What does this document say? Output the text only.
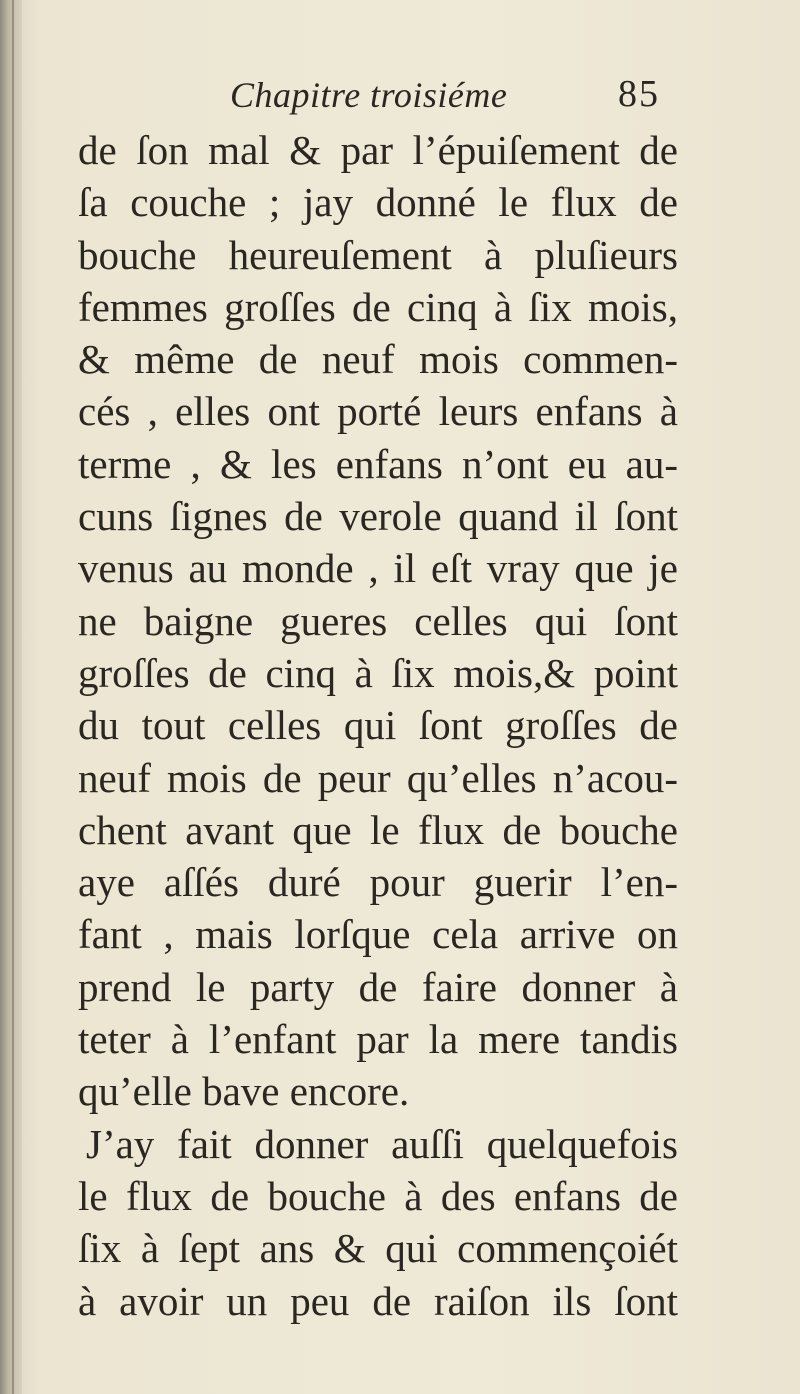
Chapitre troisiéme	85
de ſon mal & par l’épuiſement de
ſa couche ; jay donné le flux de
bouche heureuſement à pluſieurs
femmes groſſes de cinq à ſix mois,
& même de neuf mois commen-
cés , elles ont porté leurs enfans à
terme , & les enfans n’ont eu au-
cuns ſignes de verole quand il ſont
venus au monde , il eſt vray que je
ne baigne gueres celles qui ſont
groſſes de cinq à ſix mois,& point
du tout celles qui ſont groſſes de
neuf mois de peur qu’elles n’acou-
chent avant que le flux de bouche
aye aſſés duré pour guerir l’en-
fant , mais lorſque cela arrive on
prend le party de faire donner à
teter à l’enfant par la mere tandis
qu’elle bave encore.
J’ay fait donner auſſi quelquefois
le flux de bouche à des enfans de
ſix à ſept ans & qui commençoiét
à avoir un peu de raiſon ils ſont
